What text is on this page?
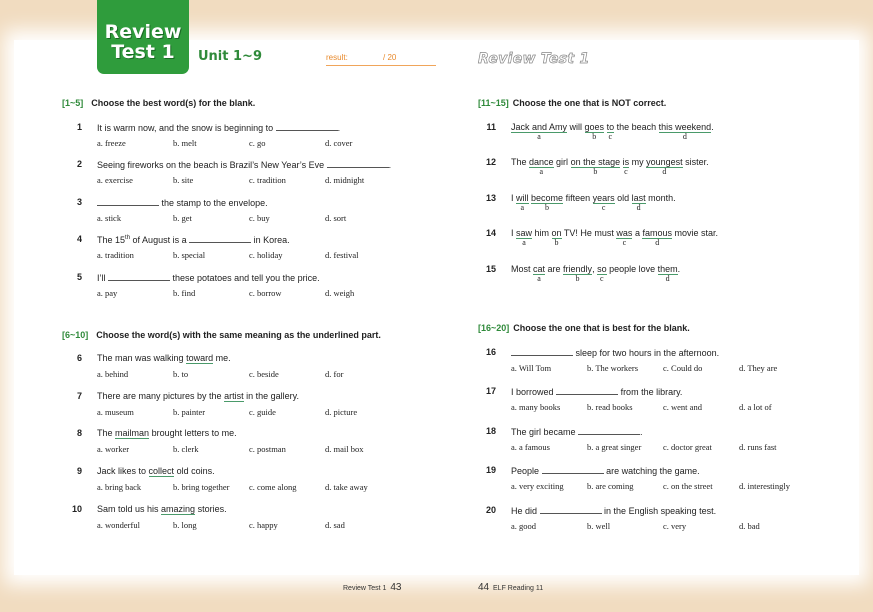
Review
Test 1	Unit 1~9	result:	/ 20	Review Test 1
[1~5] Choose the best word(s) for the blank.
1 It is warm now, and the snow is beginning to	.
a. freeze	b. melt	c. go	d. cover
2 Seeing fireworks on the beach is Brazil’s New Year’s Eve	.
a. exercise	b. site	c. tradition	d. midnight
3	the stamp to the envelope.
a. stick	b. get	c. buy	d. sort
4 The 15th of August is a	in Korea.
a. tradition	b. special	c. holiday	d. festival
5 I’ll	these potatoes and tell you the price.
a. pay	b. find	c. borrow	d. weigh
[6~10] Choose the word(s) with the same meaning as the underlined part.
6 The man was walking toward me.
a. behind	b. to	c. beside	d. for
7 There are many pictures by the artist in the gallery.
a. museum	b. painter	c. guide	d. picture
8 The mailman brought letters to me.
a. worker	b. clerk	c. postman	d. mail box
9 Jack likes to collect old coins.
a. bring back	b. bring together c. come along	d. take away
10 Sam told us his amazing stories.
a. wonderful	b. long	c. happy	d. sad
[11~15] Choose the one that is NOT correct.
11 Jack and Amy
a
will goes
b
to
c
the beach this weekend
d
.
12 The dance
a
girl on the stage
b
is
c
my youngest
d
sister.
13 I will
a
become
b
fifteen years
c
old last
d
month.
14 I saw
a
him on
b
TV! He must was
c
a famous
d
movie star.
15 Most cat
a
are friendly
b
, so
c
people love them
d
.
[16~20] Choose the one that is best for the blank.
16	sleep for two hours in the afternoon.
a. Will Tom	b. The workers	c. Could do	d. They are
17 I borrowed	from the library.
a. many books	b. read books	c. went and	d. a lot of
18 The girl became	.
a. a famous	b. a great singer	c. doctor great	d. runs fast
19 People	are watching the game.
a. very exciting	b. are coming	c. on the street	d. interestingly
20 He did	in the English speaking test.
a. good	b. well	c. very	d. bad
Review Test 1 43	44 ELF Reading 11
